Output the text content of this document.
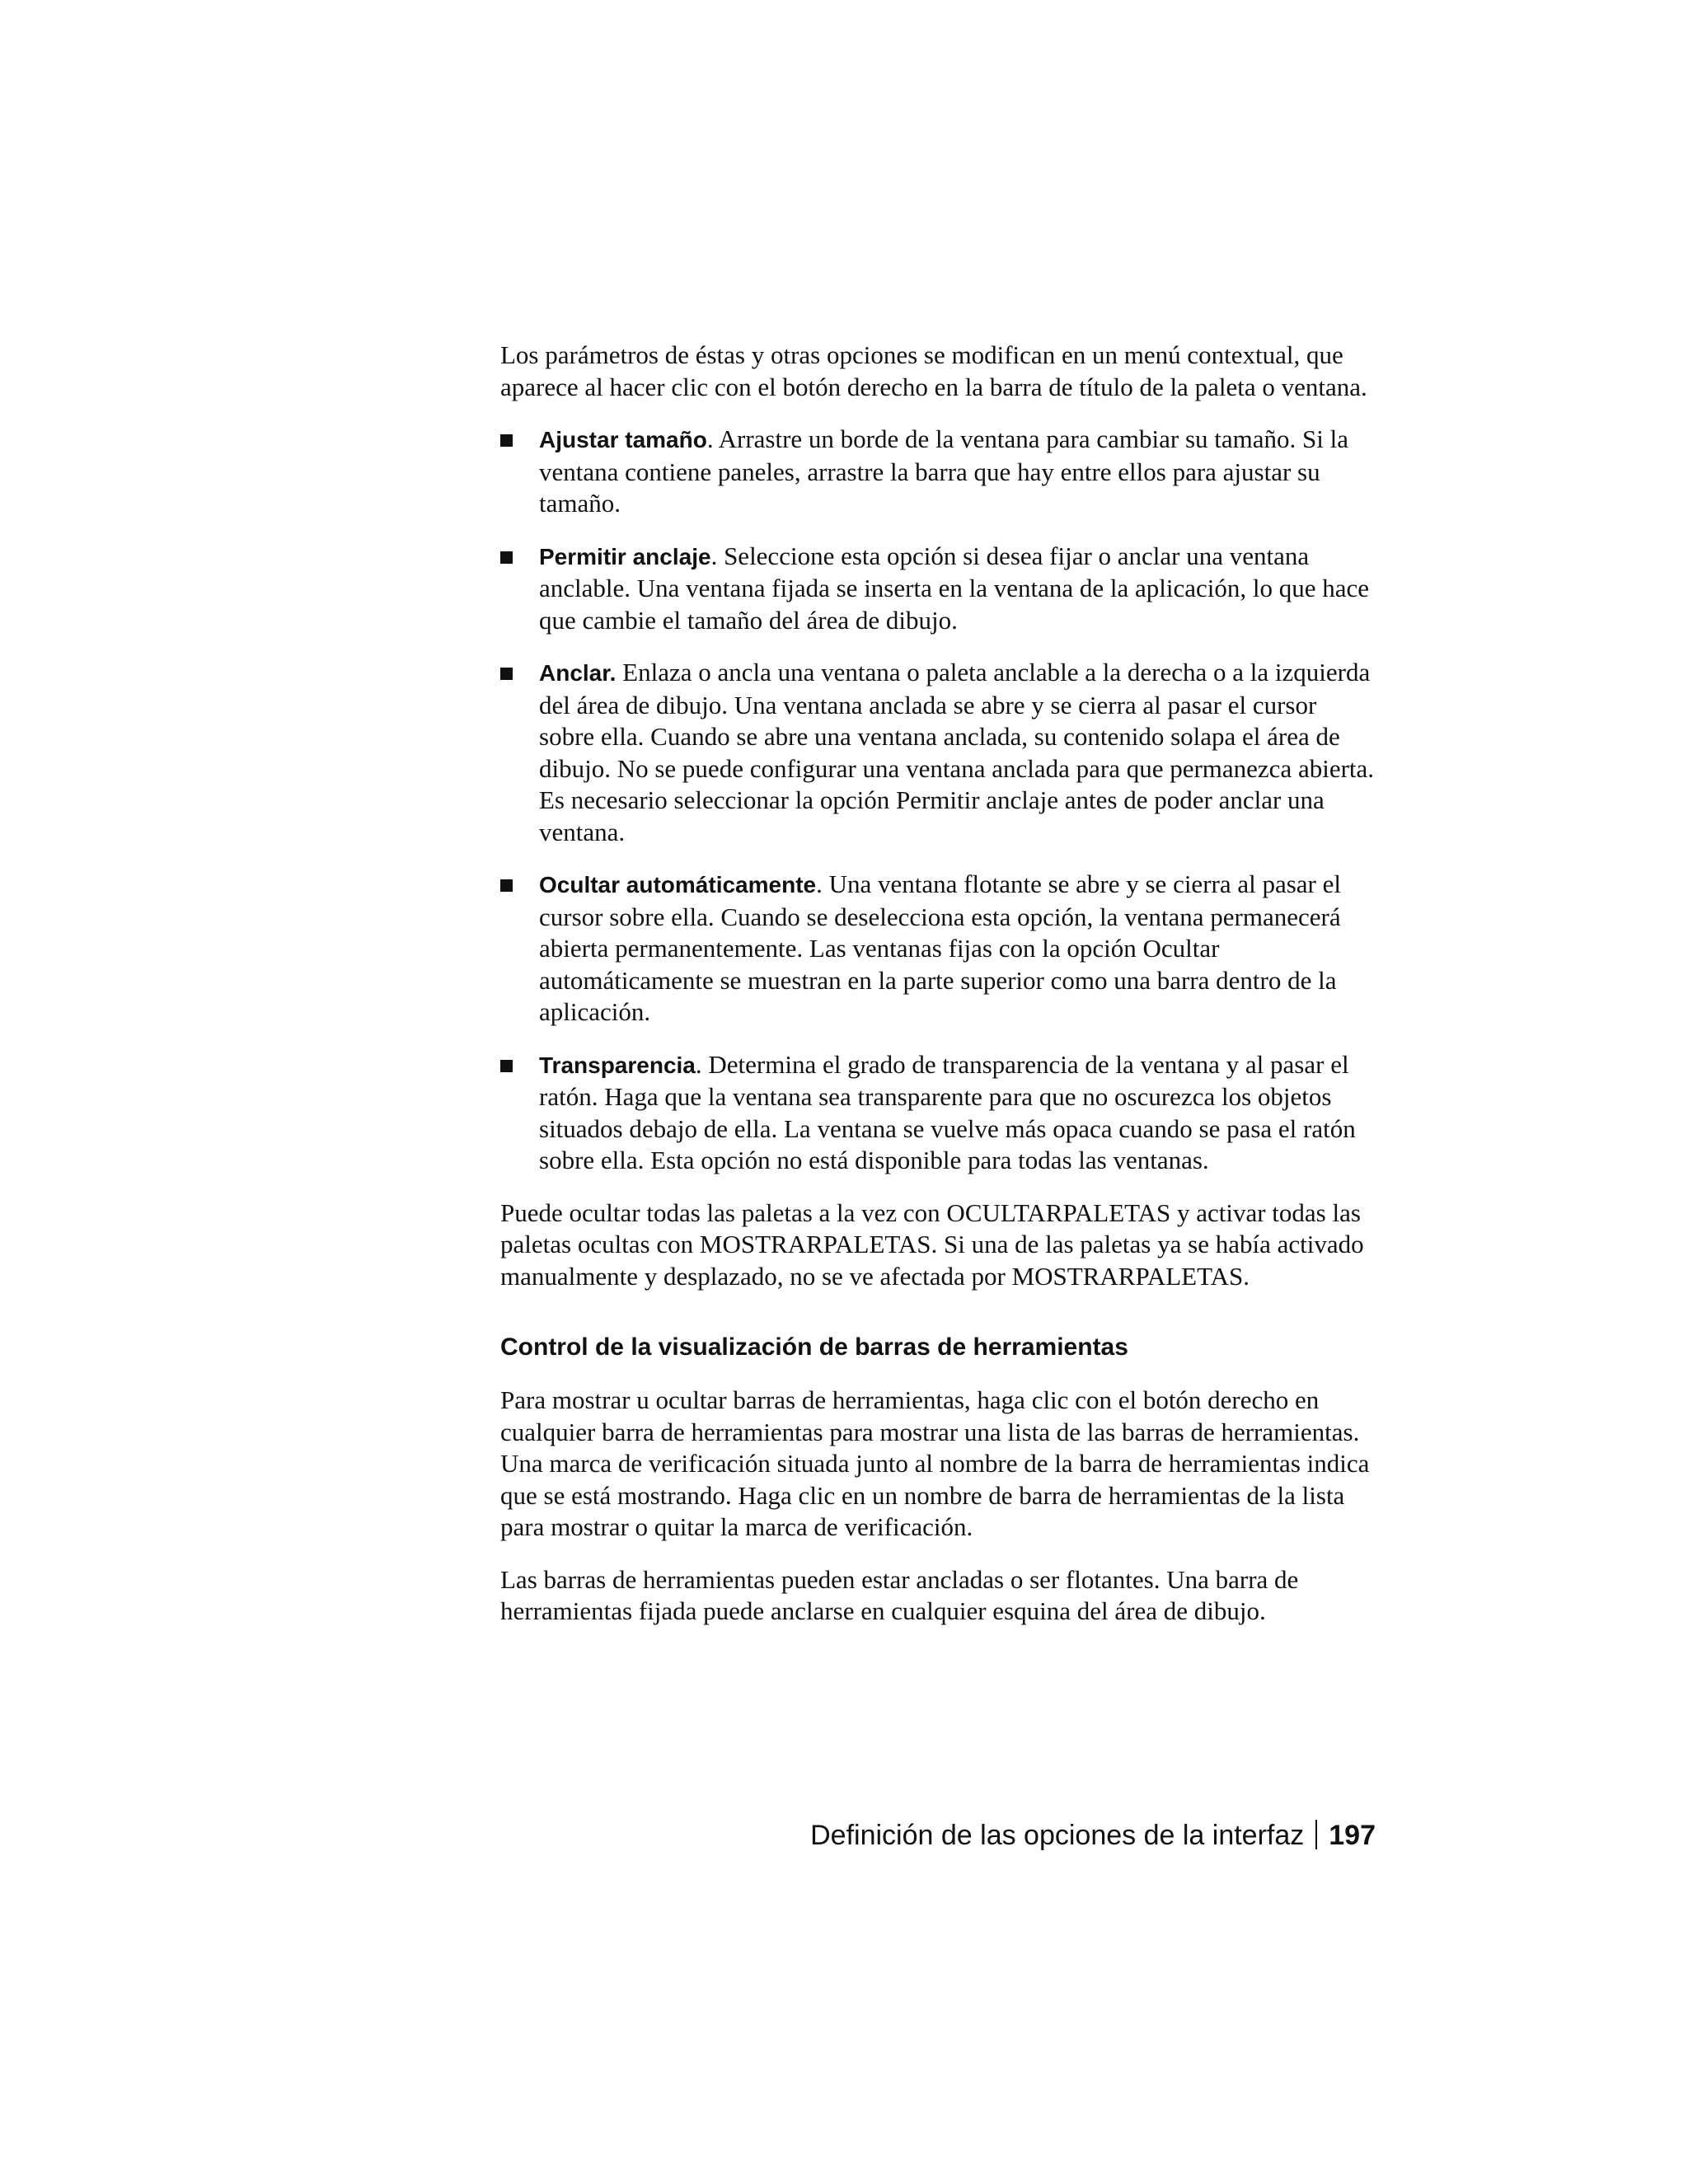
Los parámetros de éstas y otras opciones se modifican en un menú contextual, que aparece al hacer clic con el botón derecho en la barra de título de la paleta o ventana.

Ajustar tamaño. Arrastre un borde de la ventana para cambiar su tamaño. Si la ventana contiene paneles, arrastre la barra que hay entre ellos para ajustar su tamaño.
Permitir anclaje. Seleccione esta opción si desea fijar o anclar una ventana anclable. Una ventana fijada se inserta en la ventana de la aplicación, lo que hace que cambie el tamaño del área de dibujo.
Anclar. Enlaza o ancla una ventana o paleta anclable a la derecha o a la izquierda del área de dibujo. Una ventana anclada se abre y se cierra al pasar el cursor sobre ella. Cuando se abre una ventana anclada, su contenido solapa el área de dibujo. No se puede configurar una ventana anclada para que permanezca abierta. Es necesario seleccionar la opción Permitir anclaje antes de poder anclar una ventana.
Ocultar automáticamente. Una ventana flotante se abre y se cierra al pasar el cursor sobre ella. Cuando se deselecciona esta opción, la ventana permanecerá abierta permanentemente. Las ventanas fijas con la opción Ocultar automáticamente se muestran en la parte superior como una barra dentro de la aplicación.
Transparencia. Determina el grado de transparencia de la ventana y al pasar el ratón. Haga que la ventana sea transparente para que no oscurezca los objetos situados debajo de ella. La ventana se vuelve más opaca cuando se pasa el ratón sobre ella. Esta opción no está disponible para todas las ventanas.

Puede ocultar todas las paletas a la vez con OCULTARPALETAS y activar todas las paletas ocultas con MOSTRARPALETAS. Si una de las paletas ya se había activado manualmente y desplazado, no se ve afectada por MOSTRARPALETAS.

Control de la visualización de barras de herramientas

Para mostrar u ocultar barras de herramientas, haga clic con el botón derecho en cualquier barra de herramientas para mostrar una lista de las barras de herramientas. Una marca de verificación situada junto al nombre de la barra de herramientas indica que se está mostrando. Haga clic en un nombre de barra de herramientas de la lista para mostrar o quitar la marca de verificación.

Las barras de herramientas pueden estar ancladas o ser flotantes. Una barra de herramientas fijada puede anclarse en cualquier esquina del área de dibujo.

Definición de las opciones de la interfaz 197
